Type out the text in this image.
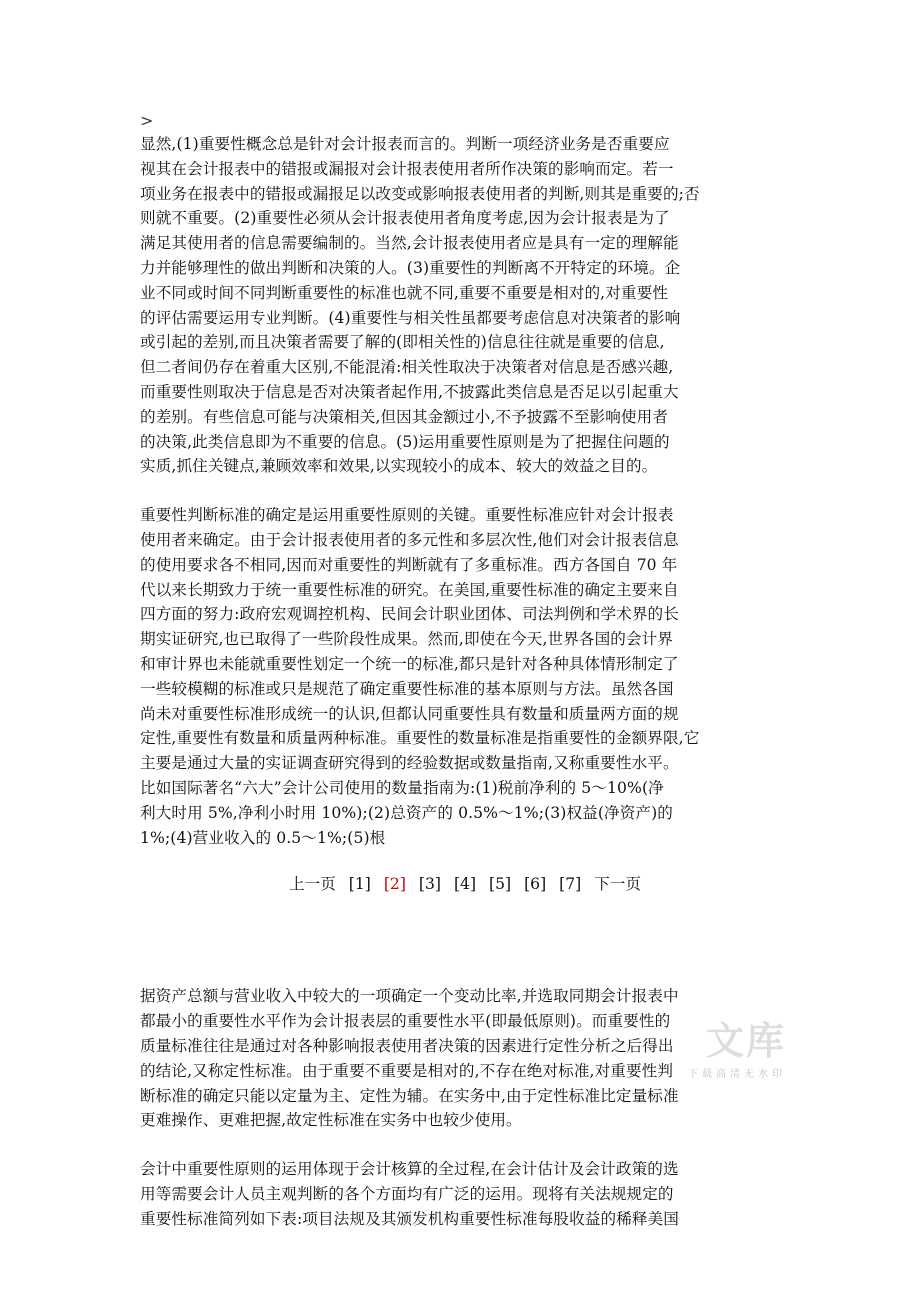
>

显然,(1)重要性概念总是针对会计报表而言的。判断一项经济业务是否重要应
视其在会计报表中的错报或漏报对会计报表使用者所作决策的影响而定。若一
项业务在报表中的错报或漏报足以改变或影响报表使用者的判断,则其是重要的;否
则就不重要。(2)重要性必须从会计报表使用者角度考虑,因为会计报表是为了
满足其使用者的信息需要编制的。当然,会计报表使用者应是具有一定的理解能
力并能够理性的做出判断和决策的人。(3)重要性的判断离不开特定的环境。企
业不同或时间不同判断重要性的标准也就不同,重要不重要是相对的,对重要性
的评估需要运用专业判断。(4)重要性与相关性虽都要考虑信息对决策者的影响
或引起的差别,而且决策者需要了解的(即相关性的)信息往往就是重要的信息,
但二者间仍存在着重大区别,不能混淆:相关性取决于决策者对信息是否感兴趣,
而重要性则取决于信息是否对决策者起作用,不披露此类信息是否足以引起重大
的差别。有些信息可能与决策相关,但因其金额过小,不予披露不至影响使用者
的决策,此类信息即为不重要的信息。(5)运用重要性原则是为了把握住问题的
实质,抓住关键点,兼顾效率和效果,以实现较小的成本、较大的效益之目的。

重要性判断标准的确定是运用重要性原则的关键。重要性标准应针对会计报表
使用者来确定。由于会计报表使用者的多元性和多层次性,他们对会计报表信息
的使用要求各不相同,因而对重要性的判断就有了多重标准。西方各国自 70 年
代以来长期致力于统一重要性标准的研究。在美国,重要性标准的确定主要来自
四方面的努力:政府宏观调控机构、民间会计职业团体、司法判例和学术界的长
期实证研究,也已取得了一些阶段性成果。然而,即使在今天,世界各国的会计界
和审计界也未能就重要性划定一个统一的标准,都只是针对各种具体情形制定了
一些较模糊的标准或只是规范了确定重要性标准的基本原则与方法。虽然各国
尚未对重要性标准形成统一的认识,但都认同重要性具有数量和质量两方面的规
定性,重要性有数量和质量两种标准。重要性的数量标准是指重要性的金额界限,它
主要是通过大量的实证调查研究得到的经验数据或数量指南,又称重要性水平。
比如国际著名“六大”会计公司使用的数量指南为:(1)税前净利的 5～10%(净
利大时用 5%,净利小时用 10%);(2)总资产的 0.5%～1%;(3)权益(净资产)的
1%;(4)营业收入的 0.5～1%;(5)根

上一页 [1] [2] [3] [4] [5] [6] [7] 下一页

据资产总额与营业收入中较大的一项确定一个变动比率,并选取同期会计报表中
都最小的重要性水平作为会计报表层的重要性水平(即最低原则)。而重要性的
质量标准往往是通过对各种影响报表使用者决策的因素进行定性分析之后得出
的结论,又称定性标准。由于重要不重要是相对的,不存在绝对标准,对重要性判
断标准的确定只能以定量为主、定性为辅。在实务中,由于定性标准比定量标准
更难操作、更难把握,故定性标准在实务中也较少使用。

会计中重要性原则的运用体现于会计核算的全过程,在会计估计及会计政策的选
用等需要会计人员主观判断的各个方面均有广泛的运用。现将有关法规规定的
重要性标准简列如下表:项目法规及其颁发机构重要性标准每股收益的稀释美国

文库
下载高清无水印
